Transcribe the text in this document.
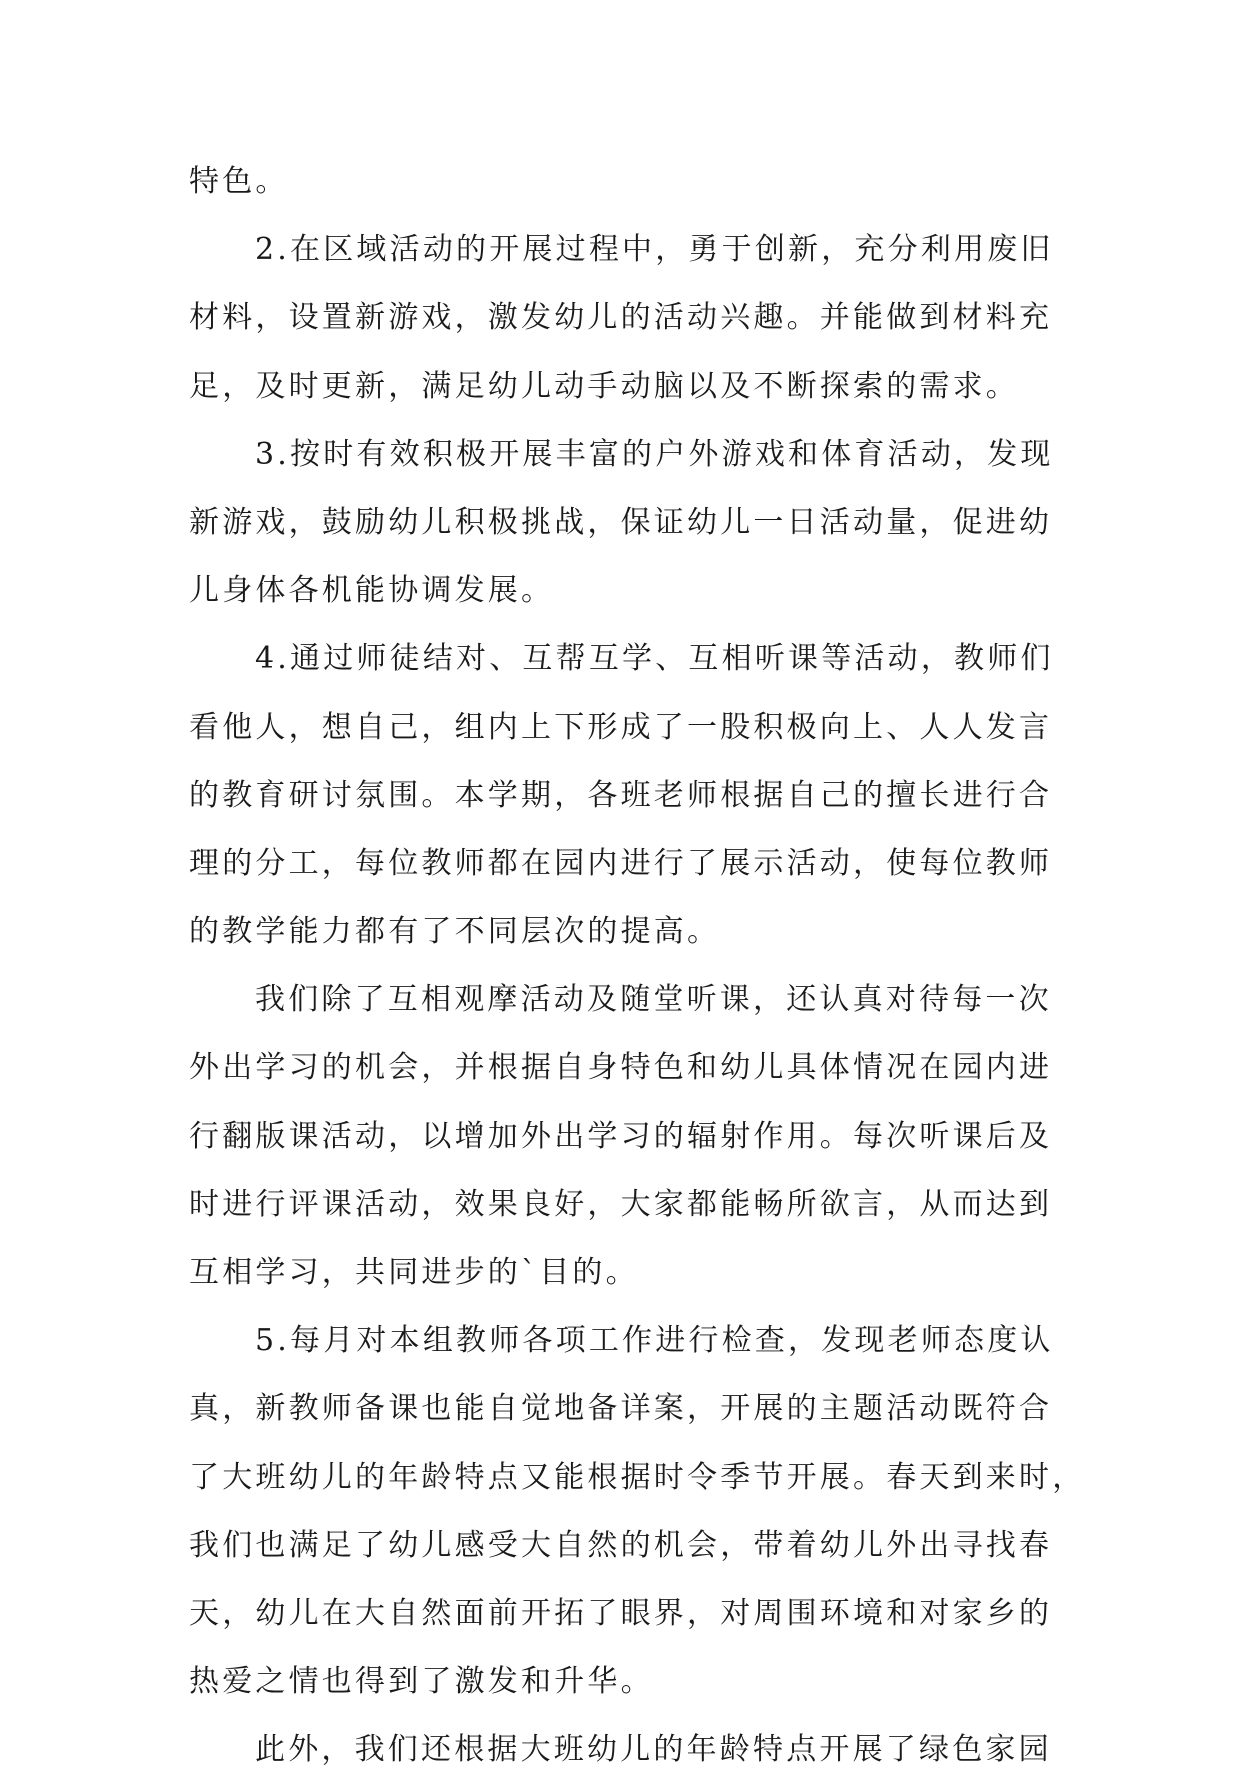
特色。
2.在区域活动的开展过程中，勇于创新，充分利用废旧
材料，设置新游戏，激发幼儿的活动兴趣。并能做到材料充
足，及时更新，满足幼儿动手动脑以及不断探索的需求。
3.按时有效积极开展丰富的户外游戏和体育活动，发现
新游戏，鼓励幼儿积极挑战，保证幼儿一日活动量，促进幼
儿身体各机能协调发展。
4.通过师徒结对、互帮互学、互相听课等活动，教师们
看他人，想自己，组内上下形成了一股积极向上、人人发言
的教育研讨氛围。本学期，各班老师根据自己的擅长进行合
理的分工，每位教师都在园内进行了展示活动，使每位教师
的教学能力都有了不同层次的提高。
我们除了互相观摩活动及随堂听课，还认真对待每一次
外出学习的机会，并根据自身特色和幼儿具体情况在园内进
行翻版课活动，以增加外出学习的辐射作用。每次听课后及
时进行评课活动，效果良好，大家都能畅所欲言，从而达到
互相学习，共同进步的`目的。
5.每月对本组教师各项工作进行检查，发现老师态度认
真，新教师备课也能自觉地备详案，开展的主题活动既符合
了大班幼儿的年龄特点又能根据时令季节开展。春天到来时，
我们也满足了幼儿感受大自然的机会，带着幼儿外出寻找春
天，幼儿在大自然面前开拓了眼界，对周围环境和对家乡的
热爱之情也得到了激发和升华。
此外，我们还根据大班幼儿的年龄特点开展了绿色家园
